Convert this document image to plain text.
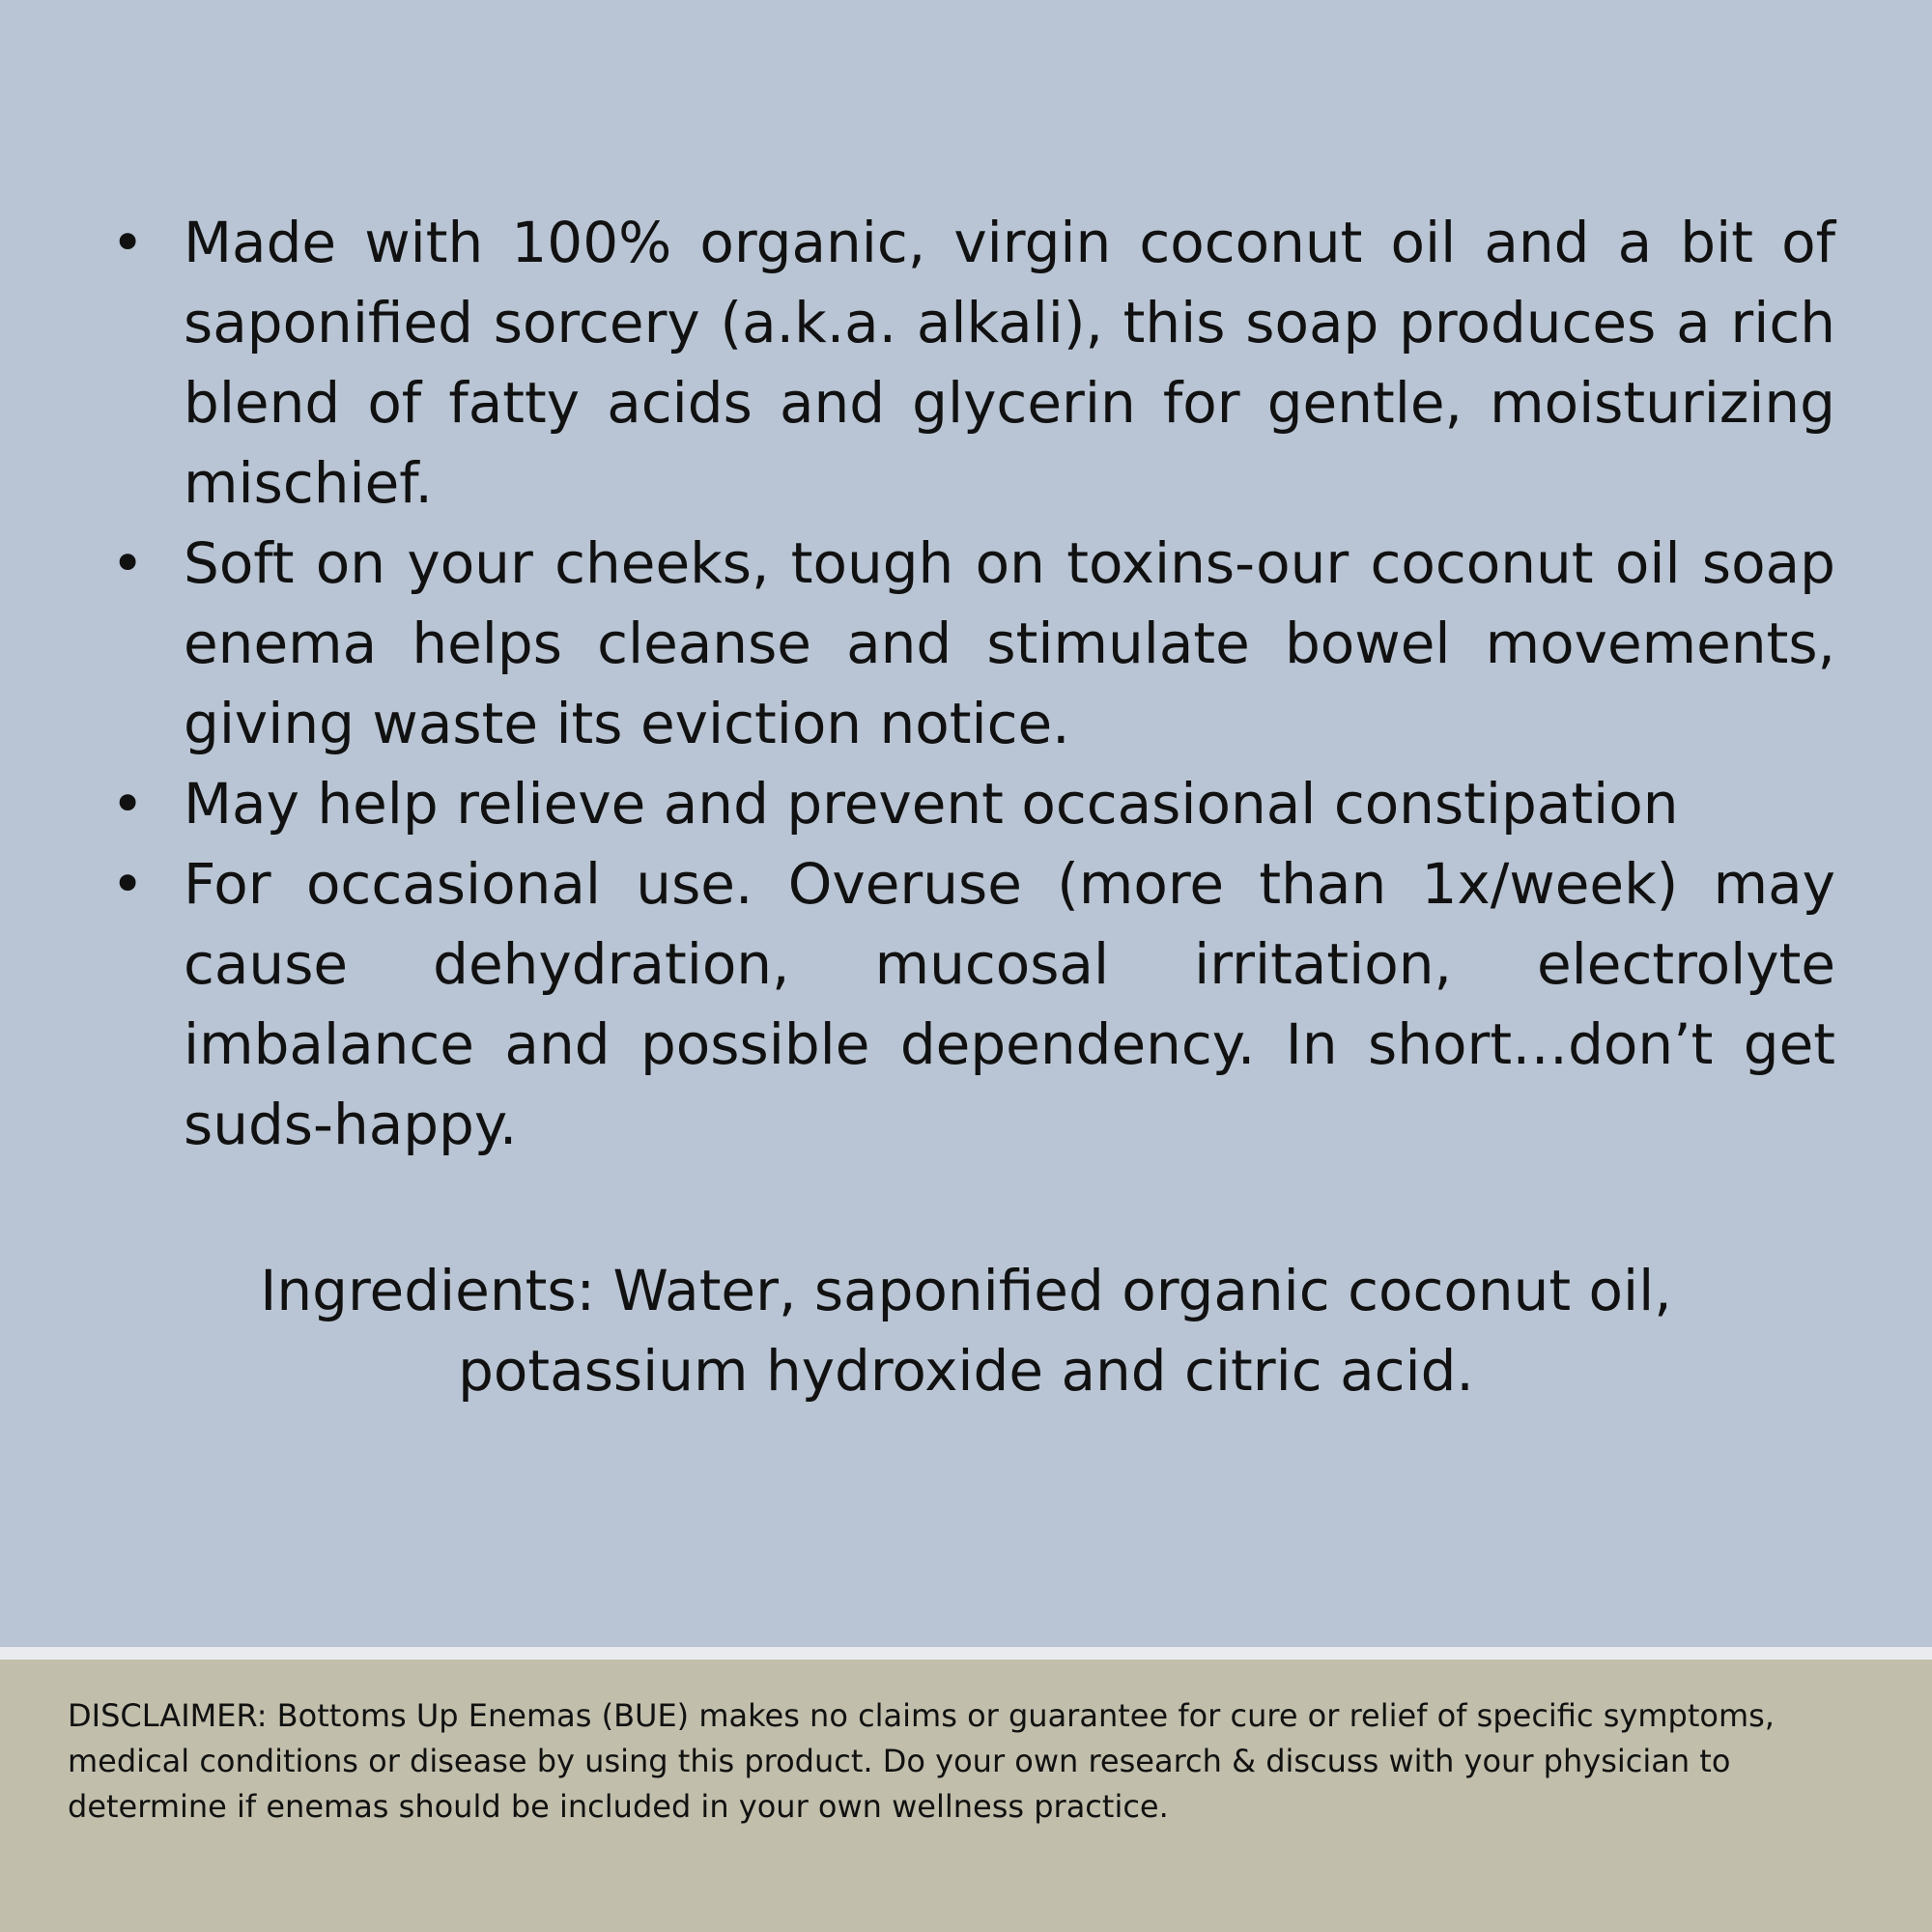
• Made with 100% organic, virgin coconut oil and a bit of saponified sorcery (a.k.a. alkali), this soap produces a rich blend of fatty acids and glycerin for gentle, moisturizing mischief.
• Soft on your cheeks, tough on toxins-our coconut oil soap enema helps cleanse and stimulate bowel movements, giving waste its eviction notice.
• May help relieve and prevent occasional constipation
• For occasional use. Overuse (more than 1x/week) may cause dehydration, mucosal irritation, electrolyte imbalance and possible dependency. In short…don’t get suds-happy.

Ingredients: Water, saponified organic coconut oil, potassium hydroxide and citric acid.

DISCLAIMER: Bottoms Up Enemas (BUE) makes no claims or guarantee for cure or relief of specific symptoms, medical conditions or disease by using this product. Do your own research & discuss with your physician to determine if enemas should be included in your own wellness practice.
